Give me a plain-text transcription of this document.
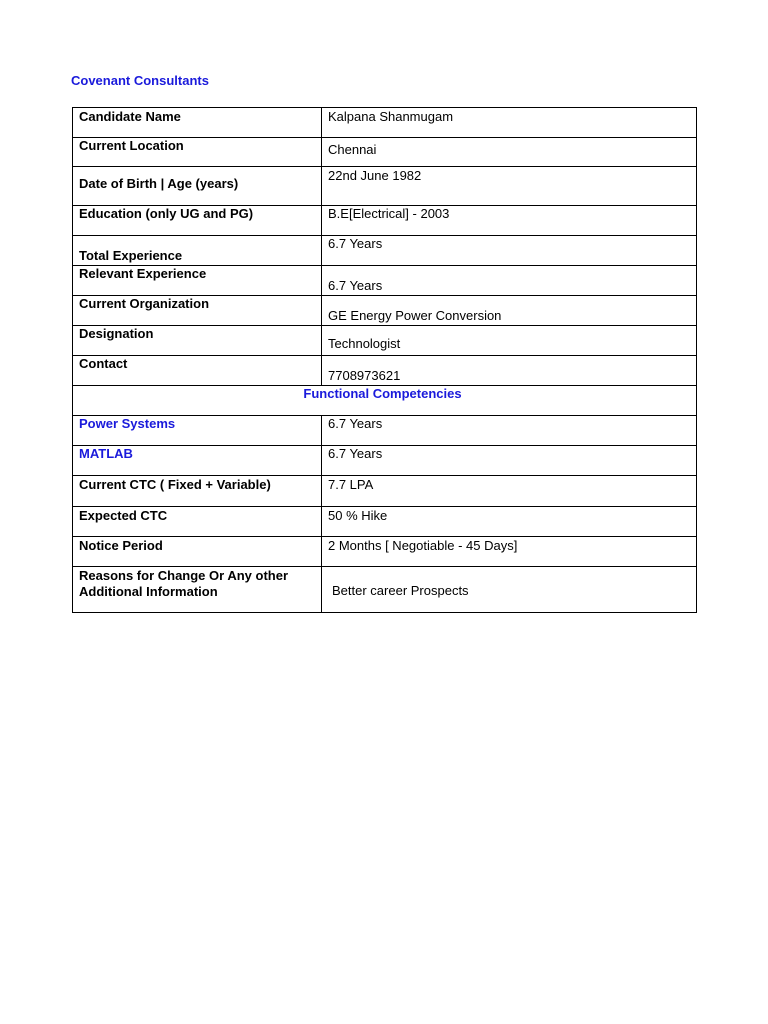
Covenant Consultants
Candidate Name	Kalpana Shanmugam
Current Location	Chennai
Date of Birth | Age (years)	22nd June 1982
Education (only UG and PG)	B.E[Electrical] - 2003
Total Experience	6.7 Years
Relevant Experience	6.7 Years
Current Organization	GE Energy Power Conversion
Designation	Technologist
Contact	7708973621
Functional Competencies	
Power Systems	6.7 Years
MATLAB	6.7 Years
Current CTC ( Fixed + Variable)	7.7 LPA
Expected CTC	50 % Hike
Notice Period	2 Months [ Negotiable - 45 Days]
Reasons for Change Or Any other Additional Information	Better career Prospects
